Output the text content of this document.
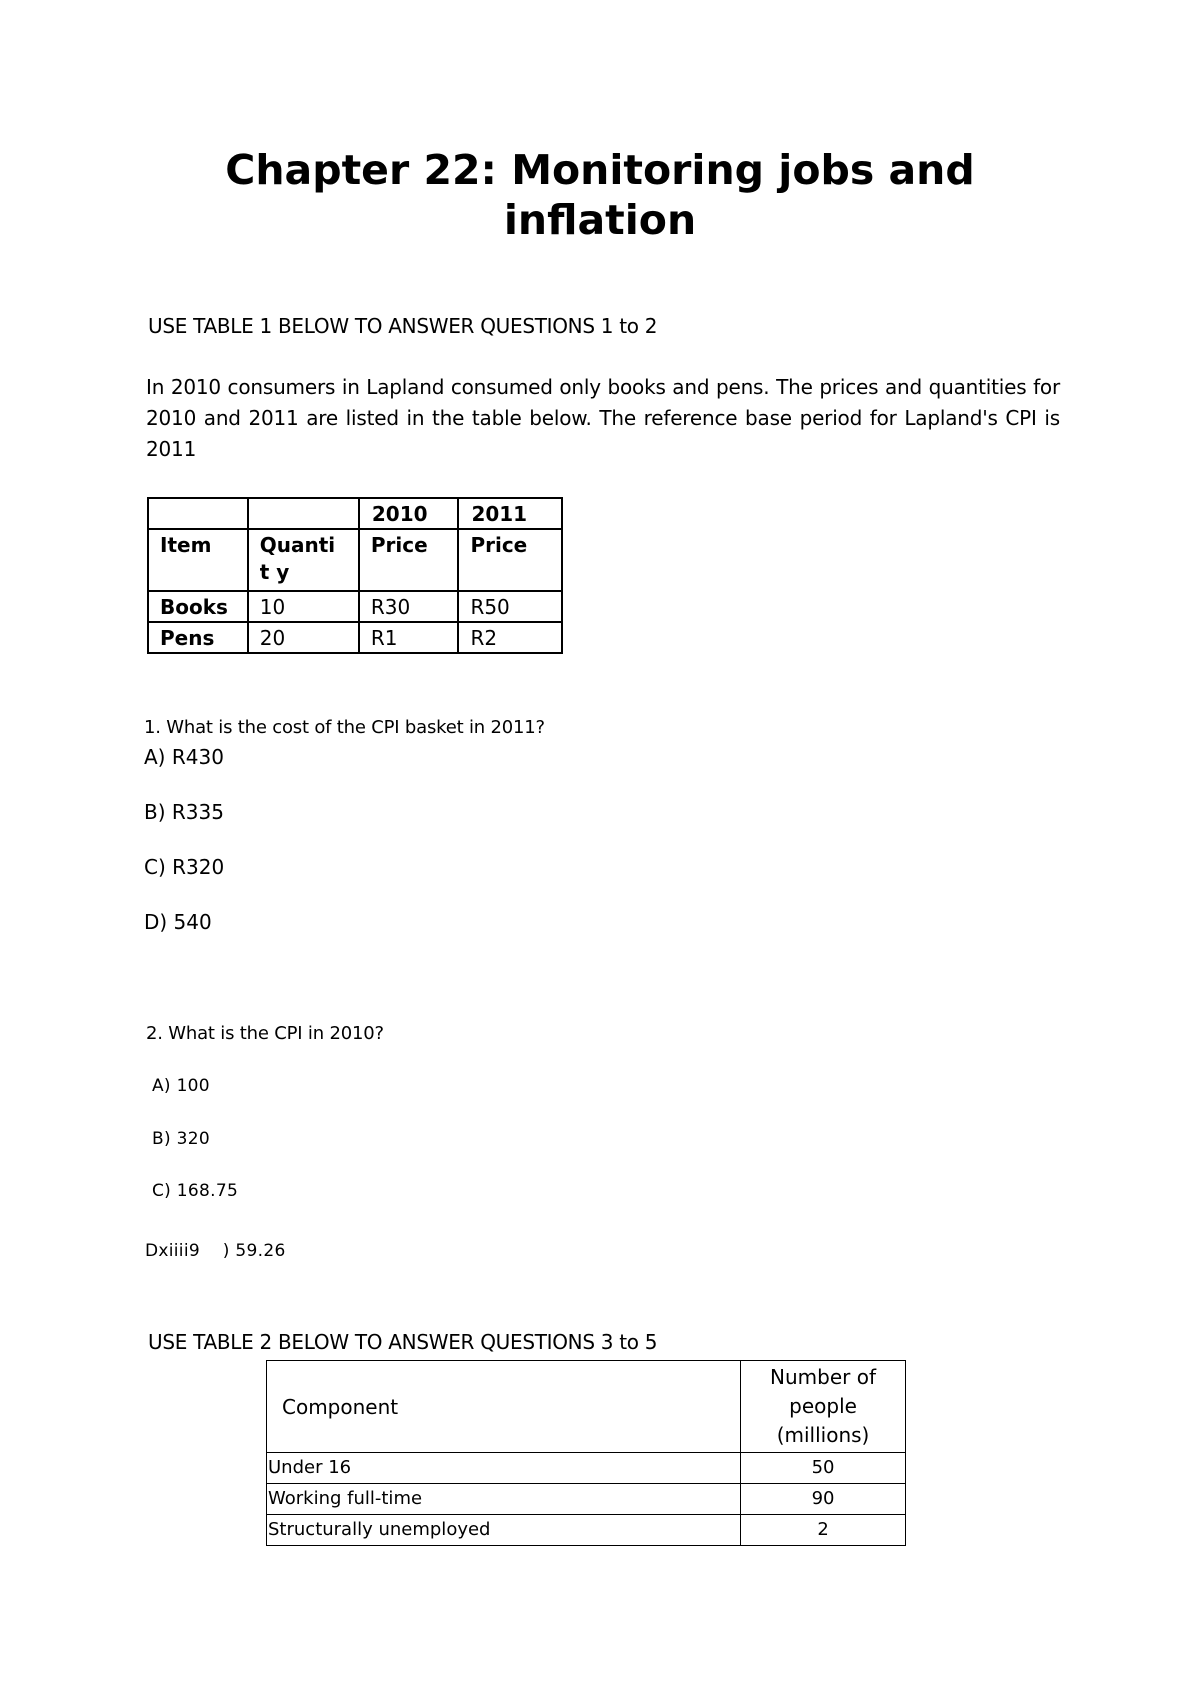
Chapter 22: Monitoring jobs and
inflation
USE TABLE 1 BELOW TO ANSWER QUESTIONS 1 to 2
In 2010 consumers in Lapland consumed only books and pens. The prices and quantities for 2010 and 2011 are listed in the table below. The reference base period for Lapland's CPI is 2011
		2010	2011
Item	Quantit y	Price	Price
Books	10	R30	R50
Pens	20	R1	R2
1. What is the cost of the CPI basket in 2011?
A) R430
B) R335
C) R320
D) 540
2. What is the CPI in 2010?
A) 100
B) 320
C) 168.75
Dxiiii9    ) 59.26
USE TABLE 2 BELOW TO ANSWER QUESTIONS 3 to 5
Component	Number of people (millions)
Under 16	50
Working full-time	90
Structurally unemployed	2
